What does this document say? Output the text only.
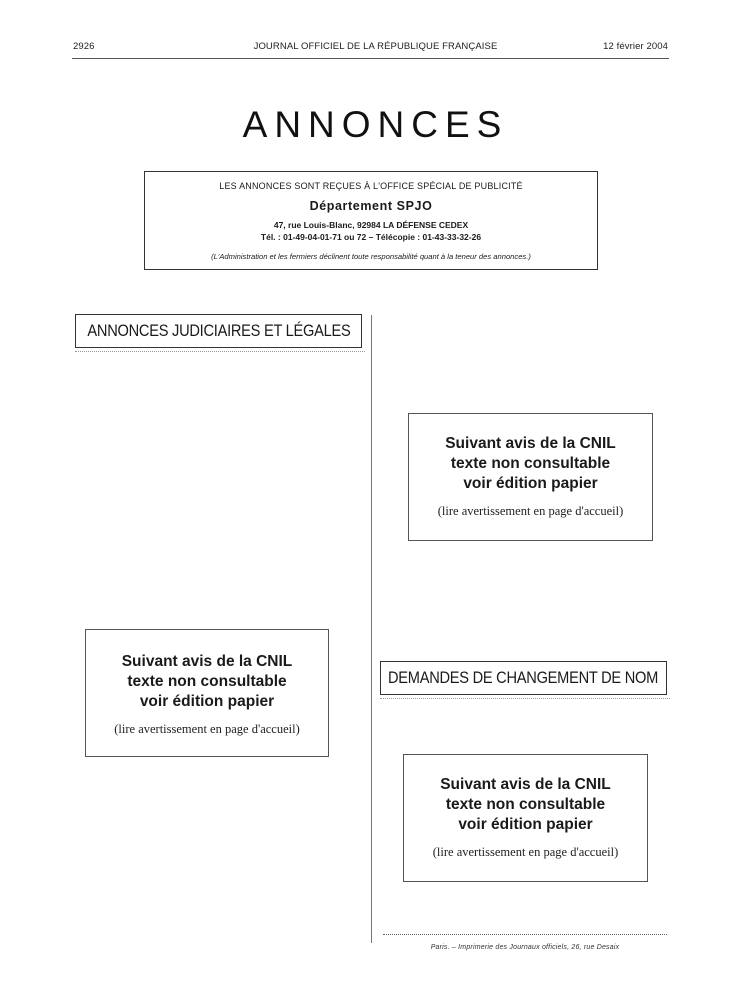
2926	JOURNAL OFFICIEL DE LA RÉPUBLIQUE FRANÇAISE	12 février 2004
ANNONCES
LES ANNONCES SONT REÇUES À L'OFFICE SPÉCIAL DE PUBLICITÉ
Département SPJO
47, rue Louis-Blanc, 92984 LA DÉFENSE CEDEX
Tél. : 01-49-04-01-71 ou 72 – Télécopie : 01-43-33-32-26
(L'Administration et les fermiers déclinent toute responsabilité quant à la teneur des annonces.)
ANNONCES JUDICIAIRES ET LÉGALES
DEMANDES DE CHANGEMENT DE NOM
Suivant avis de la CNIL
texte non consultable
voir édition papier
(lire avertissement en page d'accueil)
Suivant avis de la CNIL
texte non consultable
voir édition papier
(lire avertissement en page d'accueil)
Suivant avis de la CNIL
texte non consultable
voir édition papier
(lire avertissement en page d'accueil)
Paris. – Imprimerie des Journaux officiels, 26, rue Desaix
